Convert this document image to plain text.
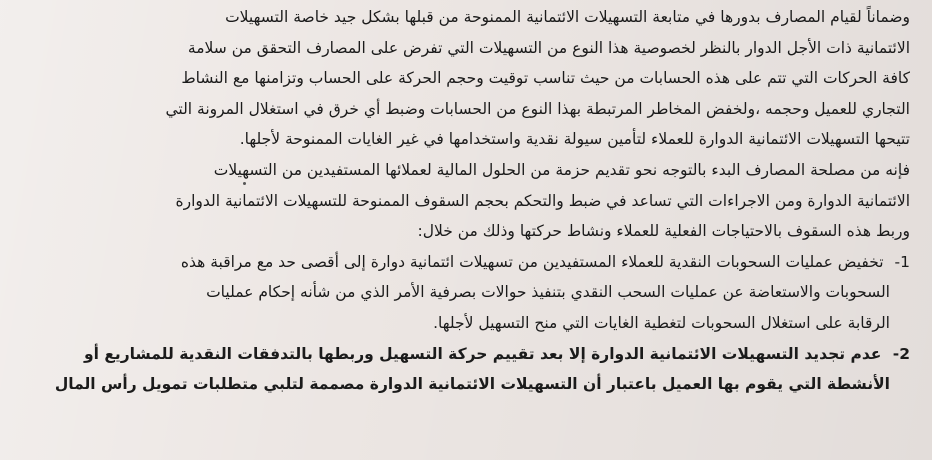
وضماناً لقيام المصارف بدورها في متابعة التسهيلات الائتمانية الممنوحة من قبلها بشكل جيد خاصة التسهيلات
الائتمانية ذات الأجل الدوار بالنظر لخصوصية هذا النوع من التسهيلات التي تفرض على المصارف التحقق من سلامة
كافة الحركات التي تتم على هذه الحسابات من حيث تناسب توقيت وحجم الحركة على الحساب وتزامنها مع النشاط
التجاري للعميل وحجمه ،ولخفض المخاطر المرتبطة بهذا النوع من الحسابات وضبط أي خرق في استغلال المرونة التي
تتيحها التسهيلات الائتمانية الدوارة للعملاء لتأمين سيولة نقدية واستخدامها في غير الغايات الممنوحة لأجلها.
فإنه من مصلحة المصارف البدء بالتوجه نحو تقديم حزمة من الحلول المالية لعملائها المستفيدين من التسهيلات
الائتمانية الدوارة ومن الاجراءات التي تساعد في ضبط والتحكم بحجم السقوف الممنوحة للتسهيلات الائتمانية الدوارة
وربط هذه السقوف بالاحتياجات الفعلية للعملاء ونشاط حركتها وذلك من خلال:
1- تخفيض عمليات السحوبات النقدية للعملاء المستفيدين من تسهيلات ائتمانية دوارة إلى أقصى حد مع مراقبة هذه
السحوبات والاستعاضة عن عمليات السحب النقدي بتنفيذ حوالات بصرفية الأمر الذي من شأنه إحكام عمليات
الرقابة على استغلال السحوبات لتغطية الغايات التي منح التسهيل لأجلها.
2- عدم تجديد التسهيلات الائتمانية الدوارة إلا بعد تقييم حركة التسهيل وربطها بالتدفقات النقدية للمشاريع أو
الأنشطة التي يقوم بها العميل باعتبار أن التسهيلات الائتمانية الدوارة مصممة لتلبي متطلبات تمويل رأس المال
